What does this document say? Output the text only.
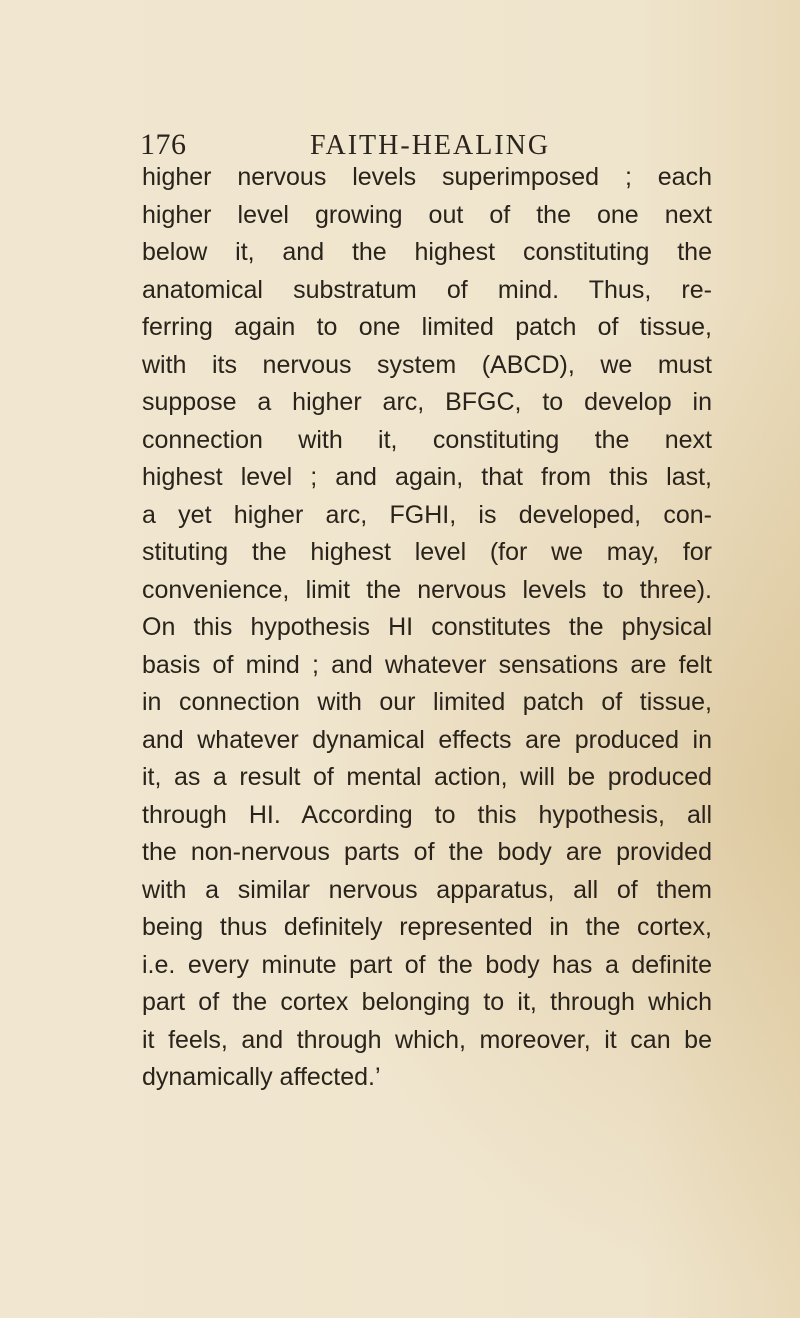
176	FAITH-HEALING
higher nervous levels superimposed ; each
higher level growing out of the one next
below it, and the highest constituting the
anatomical substratum of mind. Thus, re-
ferring again to one limited patch of tissue,
with its nervous system (ABCD), we must
suppose a higher arc, BFGC, to develop in
connection with it, constituting the next
highest level ; and again, that from this last,
a yet higher arc, FGHI, is developed, con-
stituting the highest level (for we may, for
convenience, limit the nervous levels to three).
On this hypothesis HI constitutes the physical
basis of mind ; and whatever sensations are felt
in connection with our limited patch of tissue,
and whatever dynamical effects are produced in
it, as a result of mental action, will be produced
through HI. According to this hypothesis, all
the non-nervous parts of the body are provided
with a similar nervous apparatus, all of them
being thus definitely represented in the cortex,
i.e. every minute part of the body has a definite
part of the cortex belonging to it, through which
it feels, and through which, moreover, it can be
dynamically affected.’
